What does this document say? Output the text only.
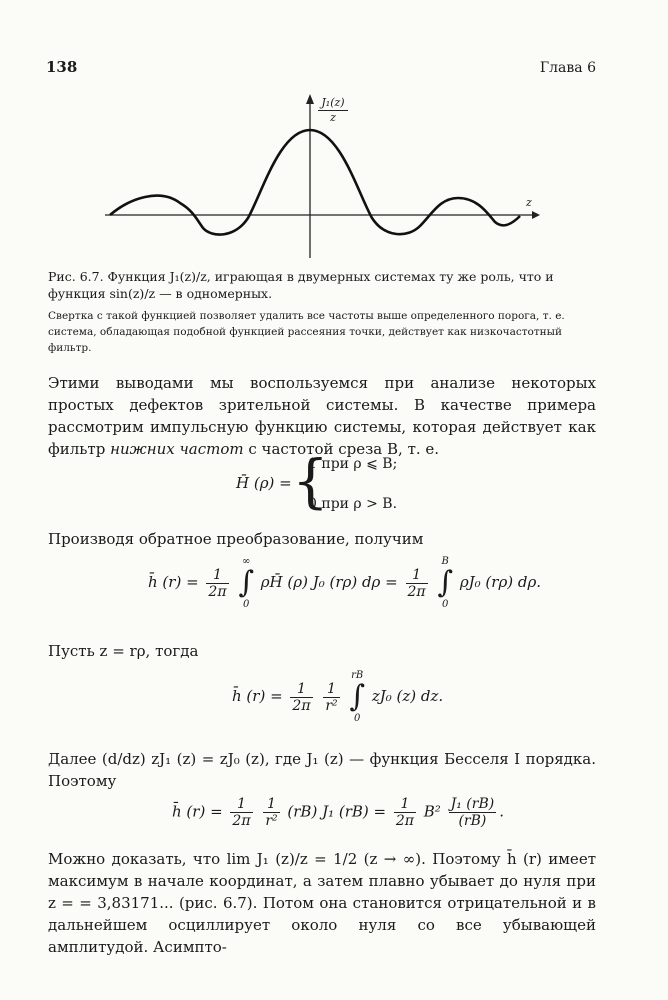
138	Глава 6
$\frac{\text{J₁(z)}}{z}$
z
Рис. 6.7. Функция J₁(z)/z, играющая в двумерных системах ту же роль, что и функция sin(z)/z — в одномерных.
Свертка с такой функцией позволяет удалить все частоты выше определенного порога, т. е. система, обладающая подобной функцией рассеяния точки, действует как низкочастотный фильтр.
Этими выводами мы воспользуемся при анализе некоторых простых дефектов зрительной системы. В качестве примера рассмотрим импульсную функцию системы, которая действует как фильтр нижних частот с частотой среза B, т. е.
H̄ (ρ) = {
1 при ρ ⩽ B;
0 при ρ > B.
Производя обратное преобразование, получим
h̄ $(r) = \frac{1}{2\pi}$

∞
∫
0
ρH̄ (ρ) J₀ (rρ) $d\rho = \frac{1}{2\pi}$

B
∫
0
ρJ₀ (rρ) dρ.
Пусть z = rρ, тогда
h̄ $(r) = \frac{1}{2\pi}$
$\frac{1}{\text{r²}}$

rB
∫
0
zJ₀ (z) dz.
Далее (d/dz) zJ₁ (z) = zJ₀ (z), где J₁ (z) — функция Бесселя I порядка. Поэтому
h̄ $(r) = \frac{1}{2\pi}$
$\frac{1}{\text{r²}} (rB)$ J₁ $(rB) = \frac{1}{2\pi} B^2 \frac{\text{J₁ (rB)}}{(rB)}$ .
Можно доказать, что lim J₁ (z)/z = 1/2 (z → ∞). Поэтому h̄ (r) имеет максимум в начале координат, а затем плавно убывает до нуля при z = = 3,83171... (рис. 6.7). Потом она становится отрицательной и в дальнейшем осциллирует около нуля со все убывающей амплитудой. Асимпто-
